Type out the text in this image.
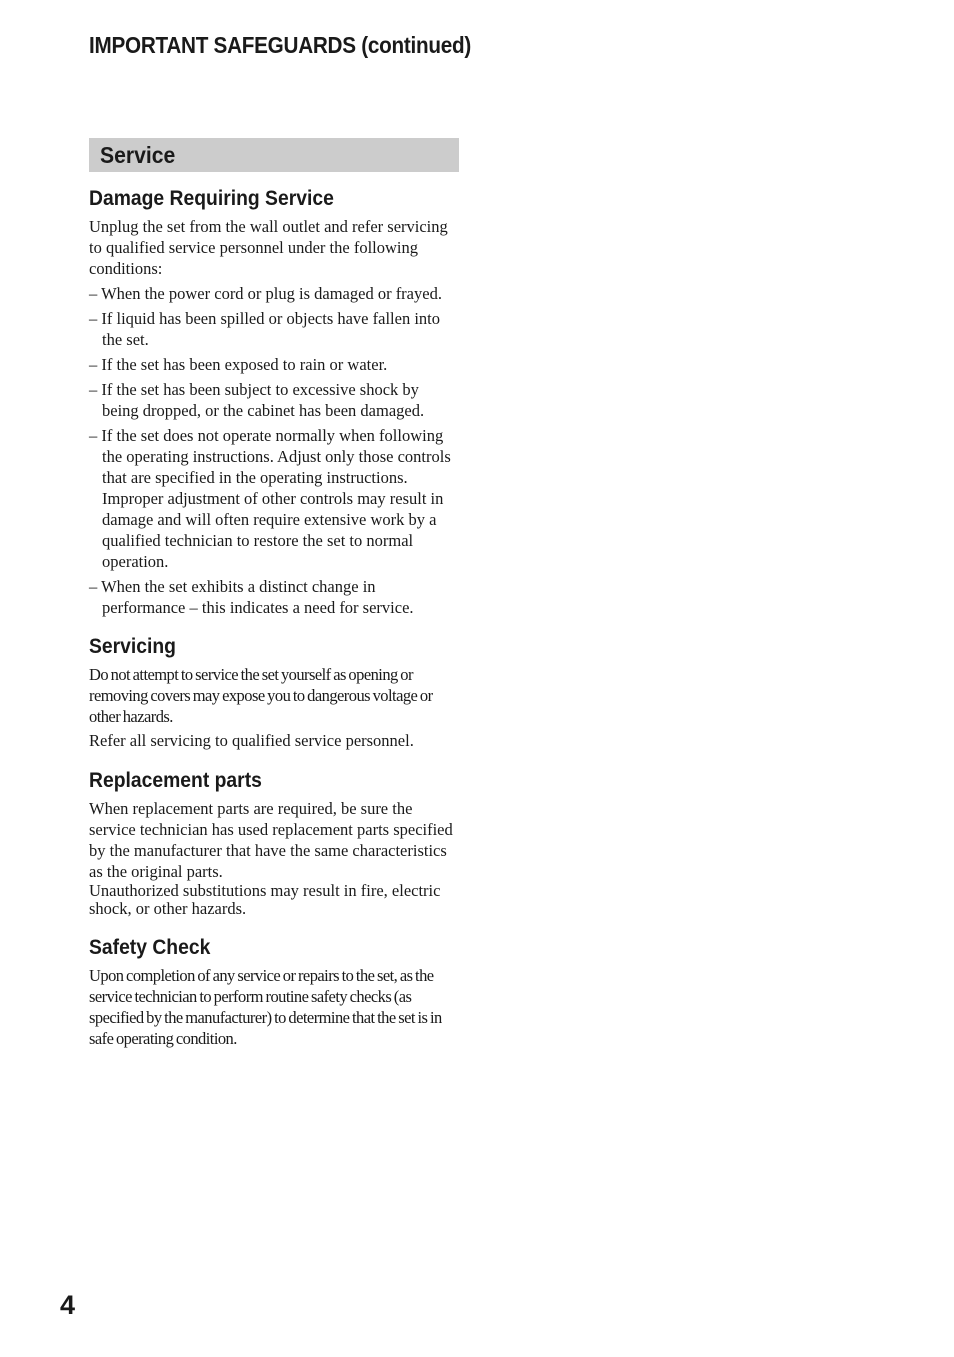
IMPORTANT SAFEGUARDS (continued)
Service
Damage Requiring Service

Unplug the set from the wall outlet and refer servicing to qualified service personnel under the following conditions:

– When the power cord or plug is damaged or frayed.
– If liquid has been spilled or objects have fallen into the set.
– If the set has been exposed to rain or water.
– If the set has been subject to excessive shock by being dropped, or the cabinet has been damaged.
– If the set does not operate normally when following the operating instructions. Adjust only those controls that are specified in the operating instructions. Improper adjustment of other controls may result in damage and will often require extensive work by a qualified technician to restore the set to normal operation.
– When the set exhibits a distinct change in performance – this indicates a need for service.
Servicing

Do not attempt to service the set yourself as opening or removing covers may expose you to dangerous voltage or other hazards.

Refer all servicing to qualified service personnel.

Replacement parts

When replacement parts are required, be sure the service technician has used replacement parts specified by the manufacturer that have the same characteristics as the original parts.

Unauthorized substitutions may result in fire, electric shock, or other hazards.

Safety Check

Upon completion of any service or repairs to the set, as the service technician to perform routine safety checks (as specified by the manufacturer) to determine that the set is in safe operating condition.

4
